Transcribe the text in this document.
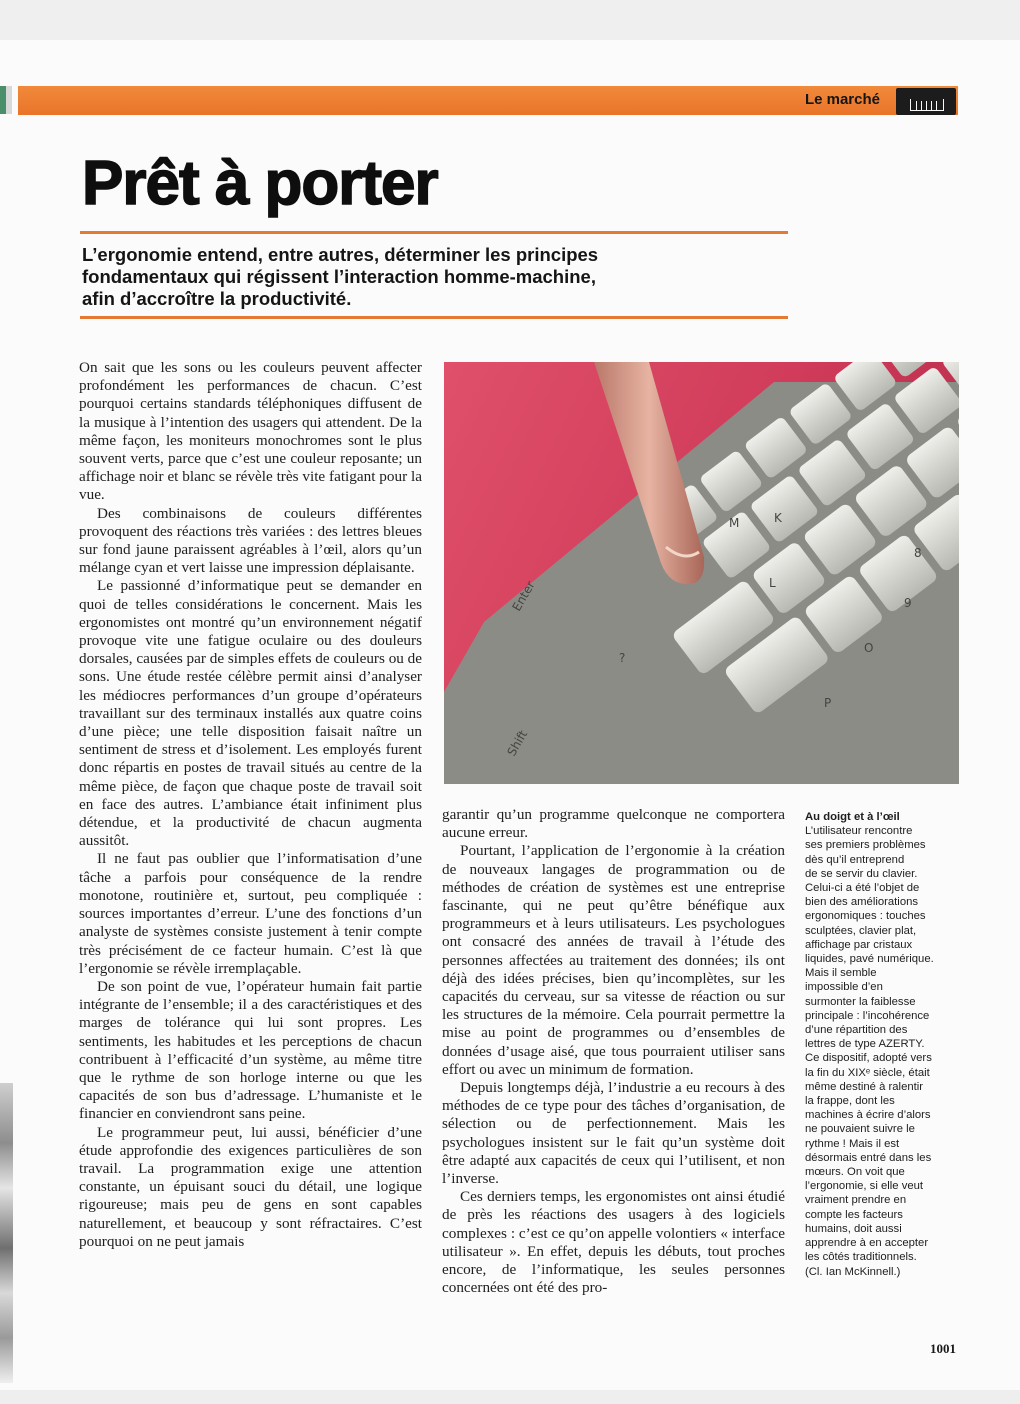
Le marché
Prêt à porter
L’ergonomie entend, entre autres, déterminer les principes
fondamentaux qui régissent l’interaction homme-machine,
afin d’accroître la productivité.

On sait que les sons ou les couleurs peuvent affecter profondément les performances de chacun. C’est pourquoi certains standards téléphoniques diffusent de la musique à l’intention des usagers qui attendent. De la même façon, les moniteurs monochromes sont le plus souvent verts, parce que c’est une couleur reposante; un affichage noir et blanc se révèle très vite fatigant pour la vue.

Des combinaisons de couleurs différentes provoquent des réactions très variées : des lettres bleues sur fond jaune paraissent agréables à l’œil, alors qu’un mélange cyan et vert laisse une impression déplaisante.

Le passionné d’informatique peut se demander en quoi de telles considérations le concernent. Mais les ergonomistes ont montré qu’un environnement négatif provoque vite une fatigue oculaire ou des douleurs dorsales, causées par de simples effets de couleurs ou de sons. Une étude restée célèbre permit ainsi d’analyser les médiocres performances d’un groupe d’opérateurs travaillant sur des terminaux installés aux quatre coins d’une pièce; une telle disposition faisait naître un sentiment de stress et d’isolement. Les employés furent donc répartis en postes de travail situés au centre de la même pièce, de façon que chaque poste de travail soit en face des autres. L’ambiance était infiniment plus détendue, et la productivité de chacun augmenta aussitôt.

Il ne faut pas oublier que l’informatisation d’une tâche a parfois pour conséquence de la rendre monotone, routinière et, surtout, peu compliquée : sources importantes d’erreur. L’une des fonctions d’un analyste de systèmes consiste justement à tenir compte très précisément de ce facteur humain. C’est là que l’ergonomie se révèle irremplaçable.

De son point de vue, l’opérateur humain fait partie intégrante de l’ensemble; il a des caractéristiques et des marges de tolérance qui lui sont propres. Les sentiments, les habitudes et les perceptions de chacun contribuent à l’efficacité d’un système, au même titre que le rythme de son horloge interne ou que les capacités de son bus d’adressage. L’humaniste et le financier en conviendront sans peine.

Le programmeur peut, lui aussi, bénéficier d’une étude approfondie des exigences particulières de son travail. La programmation exige une attention constante, un épuisant souci du détail, une logique rigoureuse; mais peu de gens en sont capables naturellement, et beaucoup y sont réfractaires. C’est pourquoi on ne peut jamais

Enter
Shift
M
L
K
P
O
9
8
?

garantir qu’un programme quelconque ne comportera aucune erreur.

Pourtant, l’application de l’ergonomie à la création de nouveaux langages de programmation ou de méthodes de création de systèmes est une entreprise fascinante, qui ne peut qu’être bénéfique aux programmeurs et à leurs utilisateurs. Les psychologues ont consacré des années de travail à l’étude des personnes affectées au traitement des données; ils ont déjà des idées précises, bien qu’incomplètes, sur les capacités du cerveau, sur sa vitesse de réaction ou sur les structures de la mémoire. Cela pourrait permettre la mise au point de programmes ou d’ensembles de données d’usage aisé, que tous pourraient utiliser sans effort ou avec un minimum de formation.

Depuis longtemps déjà, l’industrie a eu recours à des méthodes de ce type pour des tâches d’organisation, de sélection ou de perfectionnement. Mais les psychologues insistent sur le fait qu’un système doit être adapté aux capacités de ceux qui l’utilisent, et non l’inverse.

Ces derniers temps, les ergonomistes ont ainsi étudié de près les réactions des usagers à des logiciels complexes : c’est ce qu’on appelle volontiers « interface utilisateur ». En effet, depuis les débuts, tout proches encore, de l’informatique, les seules personnes concernées ont été des pro-

Au doigt et à l’œil
L’utilisateur rencontre
ses premiers problèmes
dès qu’il entreprend
de se servir du clavier.
Celui-ci a été l’objet de
bien des améliorations
ergonomiques : touches
sculptées, clavier plat,
affichage par cristaux
liquides, pavé numérique.
Mais il semble
impossible d’en
surmonter la faiblesse
principale : l’incohérence
d’une répartition des
lettres de type AZERTY.
Ce dispositif, adopté vers
la fin du XIXᵉ siècle, était
même destiné à ralentir
la frappe, dont les
machines à écrire d’alors
ne pouvaient suivre le
rythme ! Mais il est
désormais entré dans les
mœurs. On voit que
l’ergonomie, si elle veut
vraiment prendre en
compte les facteurs
humains, doit aussi
apprendre à en accepter
les côtés traditionnels.
(Cl. Ian McKinnell.)
1001
